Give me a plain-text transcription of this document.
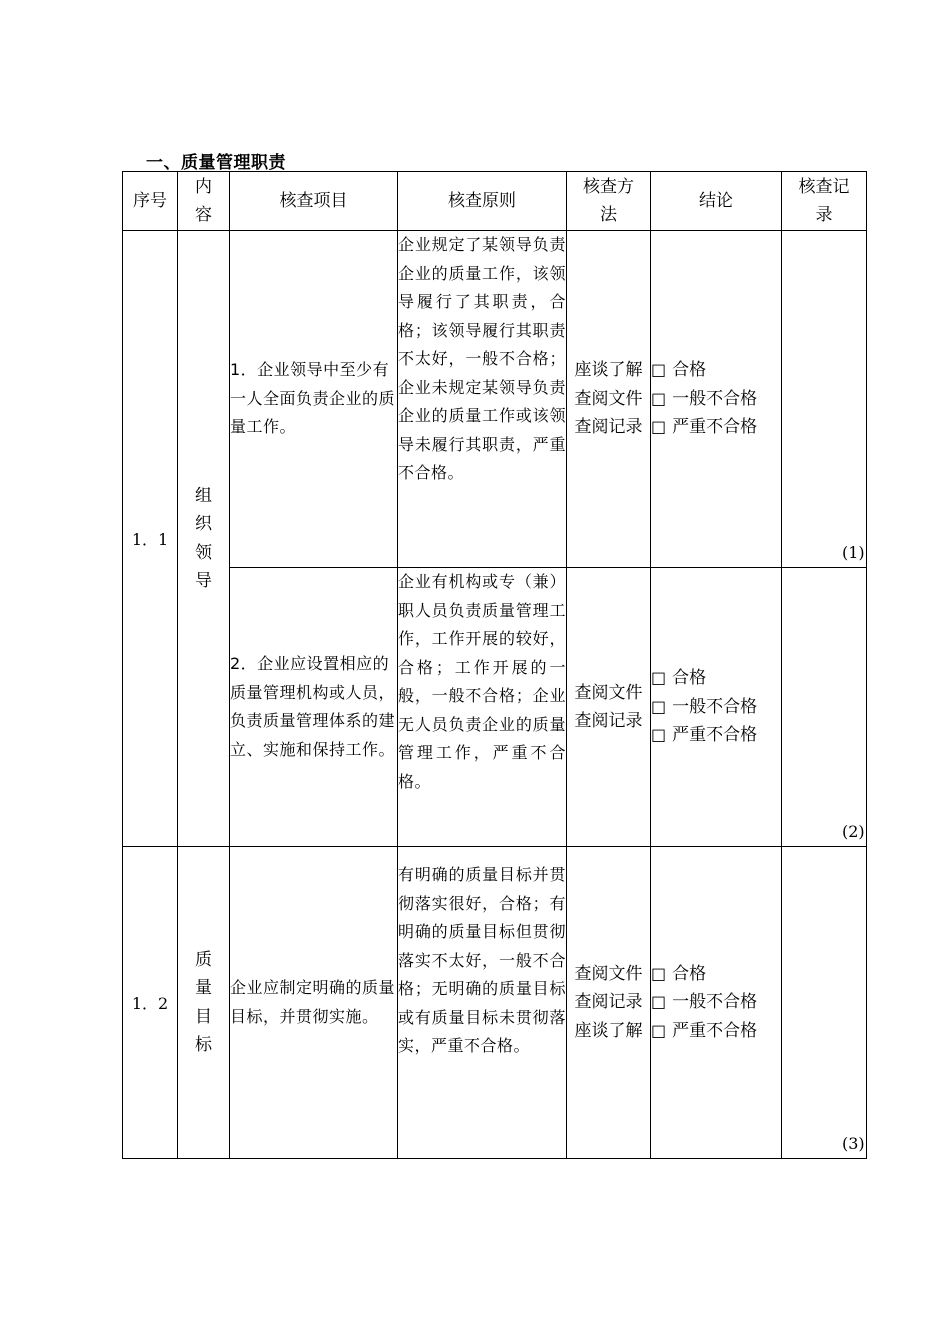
一、质量管理职责
序号	内容	核查项目	核查原则	核查方法	结论	核查记录
1．1	组织领导	1．企业领导中至少有一人全面负责企业的质量工作。	企业规定了某领导负责企业的质量工作，该领导履行了其职责，合格；该领导履行其职责不太好，一般不合格；企业未规定某领导负责企业的质量工作或该领导未履行其职责，严重不合格。	座谈了解
查阅文件
查阅记录	□ 合格
□ 一般不合格
□ 严重不合格	(1)
		2．企业应设置相应的质量管理机构或人员，负责质量管理体系的建立、实施和保持工作。	企业有机构或专（兼）职人员负责质量管理工作，工作开展的较好，合格；工作开展的一般，一般不合格；企业无人员负责企业的质量管理工作，严重不合格。	查阅文件
查阅记录	□ 合格
□ 一般不合格
□ 严重不合格	(2)
1．2	质量目标	企业应制定明确的质量目标，并贯彻实施。	有明确的质量目标并贯彻落实很好，合格；有明确的质量目标但贯彻落实不太好，一般不合格；无明确的质量目标或有质量目标未贯彻落实，严重不合格。	查阅文件
查阅记录
座谈了解	□ 合格
□ 一般不合格
□ 严重不合格	(3)
